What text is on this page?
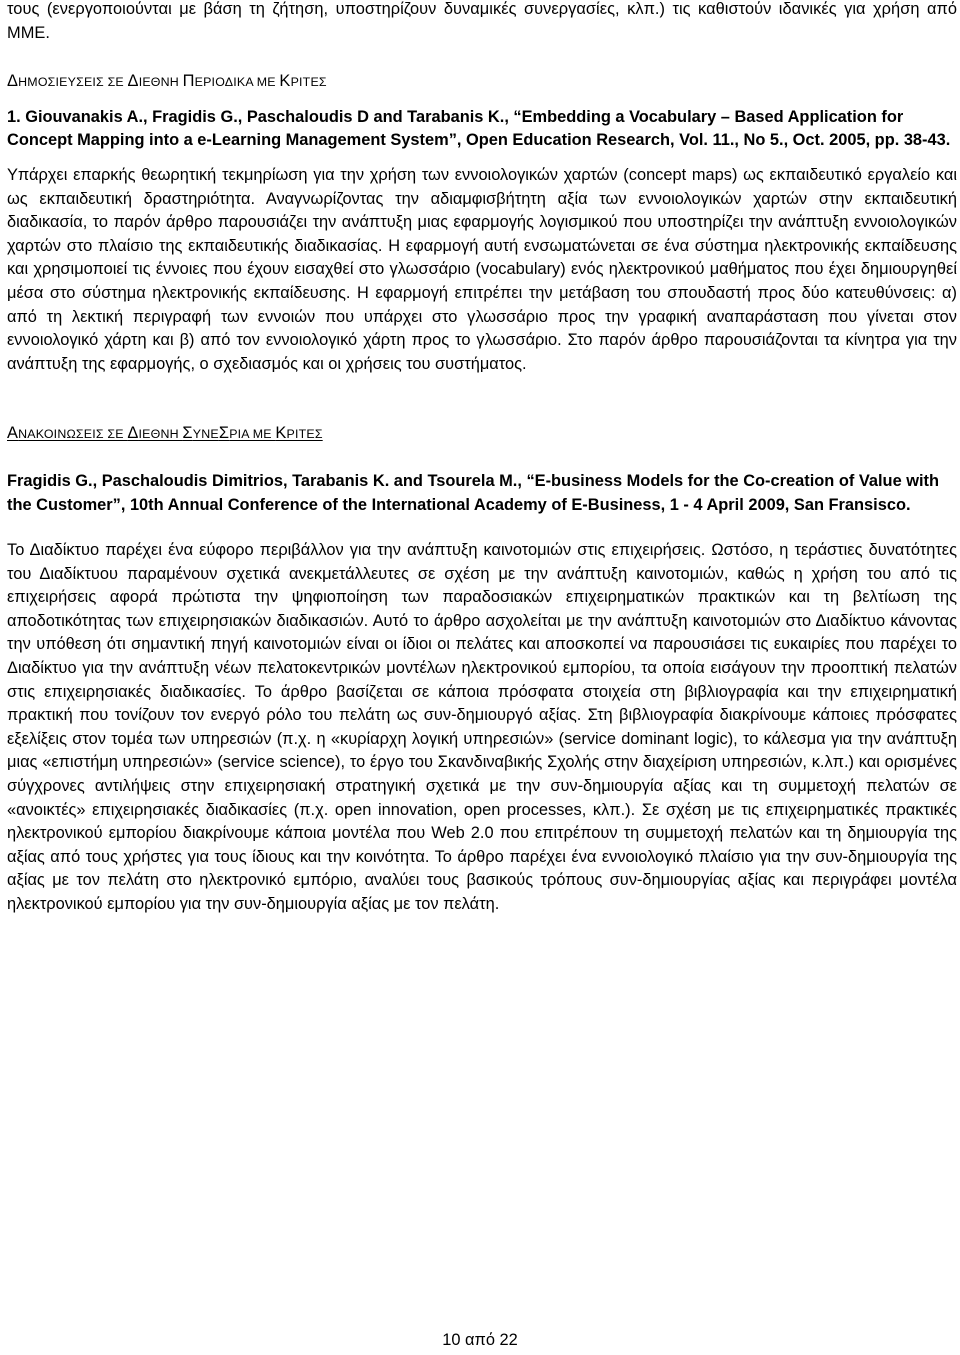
τους (ενεργοποιούνται με βάση τη ζήτηση, υποστηρίζουν δυναμικές συνεργασίες, κλπ.) τις καθιστούν ιδανικές για χρήση από ΜΜΕ.

ΔΗΜΟΣΙΕΥΣΕΙΣ ΣΕ ΔΙΕΘΝΗ ΠΕΡΙΟΔΙΚΑ ΜΕ ΚΡΙΤΕΣ

1. Giouvanakis A., Fragidis G., Paschaloudis D and Tarabanis K., “Embedding a Vocabulary – Based Application for Concept Mapping into a e-Learning Management System”, Open Education Research, Vol. 11., No 5., Oct. 2005, pp. 38-43.

Υπάρχει επαρκής θεωρητική τεκμηρίωση για την χρήση των εννοιολογικών χαρτών (concept maps) ως εκπαιδευτικό εργαλείο και ως εκπαιδευτική δραστηριότητα. Αναγνωρίζοντας την αδιαμφισβήτητη αξία των εννοιολογικών χαρτών στην εκπαιδευτική διαδικασία, το παρόν άρθρο παρουσιάζει την ανάπτυξη μιας εφαρμογής λογισμικού που υποστηρίζει την ανάπτυξη εννοιολογικών χαρτών στο πλαίσιο της εκπαιδευτικής διαδικασίας. Η εφαρμογή αυτή ενσωματώνεται σε ένα σύστημα ηλεκτρονικής εκπαίδευσης και χρησιμοποιεί τις έννοιες που έχουν εισαχθεί στο γλωσσάριο (vocabulary) ενός ηλεκτρονικού μαθήματος που έχει δημιουργηθεί μέσα στο σύστημα ηλεκτρονικής εκπαίδευσης. Η εφαρμογή επιτρέπει την μετάβαση του σπουδαστή προς δύο κατευθύνσεις: α) από τη λεκτική περιγραφή των εννοιών που υπάρχει στο γλωσσάριο προς την γραφική αναπαράσταση που γίνεται στον εννοιολογικό χάρτη και β) από τον εννοιολογικό χάρτη προς το γλωσσάριο. Στο παρόν άρθρο παρουσιάζονται τα κίνητρα για την ανάπτυξη της εφαρμογής, ο σχεδιασμός και οι χρήσεις του συστήματος.

ΑΝΑΚΟΙΝΩΣΕΙΣ ΣΕ ΔΙΕΘΝΗ ΣΥΝΕΣΡΙΑ ΜΕ ΚΡΙΤΕΣ

Fragidis G., Paschaloudis Dimitrios, Tarabanis K. and Tsourela M., “E-business Models for the Co-creation of Value with the Customer”, 10th Annual Conference of the International Academy of E-Business, 1 - 4 April 2009, San Fransisco.

Το Διαδίκτυο παρέχει ένα εύφορο περιβάλλον για την ανάπτυξη καινοτομιών στις επιχειρήσεις. Ωστόσο, η τεράστιες δυνατότητες του Διαδίκτυου παραμένουν σχετικά ανεκμετάλλευτες σε σχέση με την ανάπτυξη καινοτομιών, καθώς η χρήση του από τις επιχειρήσεις αφορά πρώτιστα την ψηφιοποίηση των παραδοσιακών επιχειρηματικών πρακτικών και τη βελτίωση της αποδοτικότητας των επιχειρησιακών διαδικασιών. Αυτό το άρθρο ασχολείται με την ανάπτυξη καινοτομιών στο Διαδίκτυο κάνοντας την υπόθεση ότι σημαντική πηγή καινοτομιών είναι οι ίδιοι οι πελάτες και αποσκοπεί να παρουσιάσει τις ευκαιρίες που παρέχει το Διαδίκτυο για την ανάπτυξη νέων πελατοκεντρικών μοντέλων ηλεκτρονικού εμπορίου, τα οποία εισάγουν την προοπτική πελατών στις επιχειρησιακές διαδικασίες. Το άρθρο βασίζεται σε κάποια πρόσφατα στοιχεία στη βιβλιογραφία και την επιχειρηματική πρακτική που τονίζουν τον ενεργό ρόλο του πελάτη ως συν-δημιουργό αξίας. Στη βιβλιογραφία διακρίνουμε κάποιες πρόσφατες εξελίξεις στον τομέα των υπηρεσιών (π.χ. η «κυρίαρχη λογική υπηρεσιών» (service dominant logic), το κάλεσμα για την ανάπτυξη μιας «επιστήμη υπηρεσιών» (service science), το έργο του Σκανδιναβικής Σχολής στην διαχείριση υπηρεσιών, κ.λπ.) και ορισμένες σύγχρονες αντιλήψεις στην επιχειρησιακή στρατηγική σχετικά με την συν-δημιουργία αξίας και τη συμμετοχή πελατών σε «ανοικτές» επιχειρησιακές διαδικασίες (π.χ. open innovation, open processes, κλπ.). Σε σχέση με τις επιχειρηματικές πρακτικές ηλεκτρονικού εμπορίου διακρίνουμε κάποια μοντέλα που Web 2.0 που επιτρέπουν τη συμμετοχή πελατών και τη δημιουργία της αξίας από τους χρήστες για τους ίδιους και την κοινότητα. Το άρθρο παρέχει ένα εννοιολογικό πλαίσιο για την συν-δημιουργία της αξίας με τον πελάτη στο ηλεκτρονικό εμπόριο, αναλύει τους βασικούς τρόπους συν-δημιουργίας αξίας και περιγράφει μοντέλα ηλεκτρονικού εμπορίου για την συν-δημιουργία αξίας με τον πελάτη.

10 από 22
